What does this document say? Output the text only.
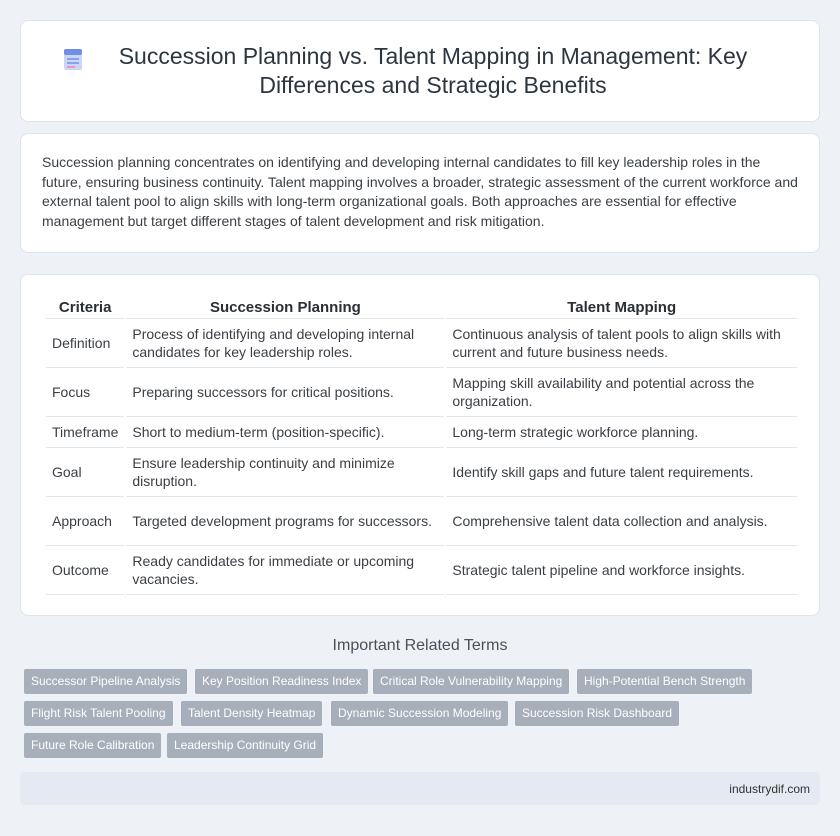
Succession Planning vs. Talent Mapping in Management: Key Differences and Strategic Benefits

Succession planning concentrates on identifying and developing internal candidates to fill key leadership roles in the future, ensuring business continuity. Talent mapping involves a broader, strategic assessment of the current workforce and external talent pool to align skills with long-term organizational goals. Both approaches are essential for effective management but target different stages of talent development and risk mitigation.

Criteria	Succession Planning	Talent Mapping
Definition	Process of identifying and developing internal candidates for key leadership roles.	Continuous analysis of talent pools to align skills with current and future business needs.
Focus	Preparing successors for critical positions.	Mapping skill availability and potential across the organization.
Timeframe	Short to medium-term (position-specific).	Long-term strategic workforce planning.
Goal	Ensure leadership continuity and minimize disruption.	Identify skill gaps and future talent requirements.
Approach	Targeted development programs for successors.	Comprehensive talent data collection and analysis.
Outcome	Ready candidates for immediate or upcoming vacancies.	Strategic talent pipeline and workforce insights.
Important Related Terms
Successor Pipeline Analysis	Key Position Readiness Index	Critical Role Vulnerability Mapping	High-Potential Bench Strength
Flight Risk Talent Pooling	Talent Density Heatmap	Dynamic Succession Modeling	Succession Risk Dashboard
Future Role Calibration	Leadership Continuity Grid
industrydif.com
